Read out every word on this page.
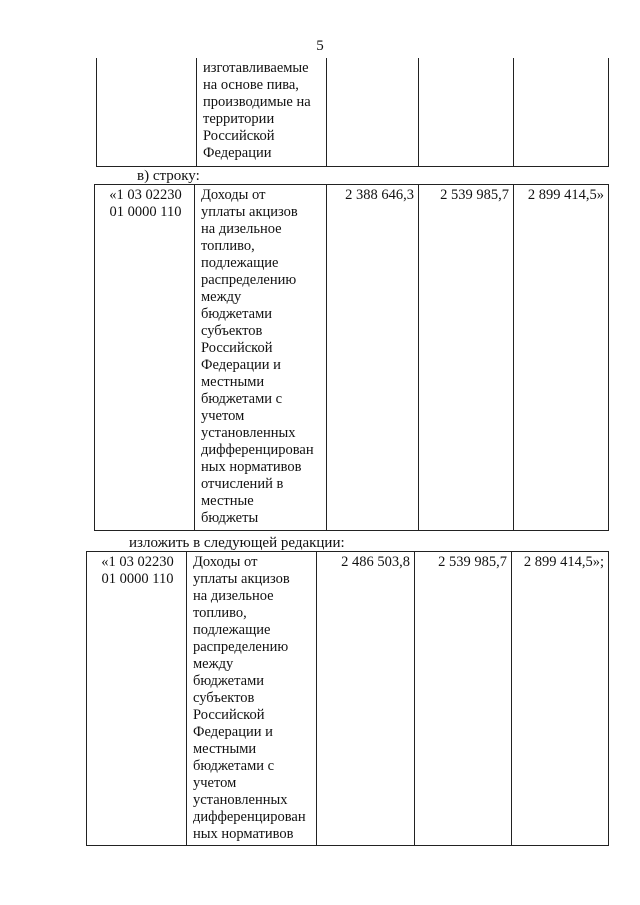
5
	изготавливаемые
на основе пива,
производимые на
территории
Российской
Федерации			
в) строку:
«1 03 02230
01 0000 110
	Доходы от
уплаты акцизов
на дизельное
топливо,
подлежащие
распределению
между
бюджетами
субъектов
Российской
Федерации и
местными
бюджетами с
учетом
установленных
дифференцирован
ных нормативов
отчислений в
местные
бюджеты	2 388 646,3	2 539 985,7	2 899 414,5»
изложить в следующей редакции:
«1 03 02230
01 0000 110
	Доходы от
уплаты акцизов
на дизельное
топливо,
подлежащие
распределению
между
бюджетами
субъектов
Российской
Федерации и
местными
бюджетами с
учетом
установленных
дифференцирован
ных нормативов	2 486 503,8	2 539 985,7	2 899 414,5»;
